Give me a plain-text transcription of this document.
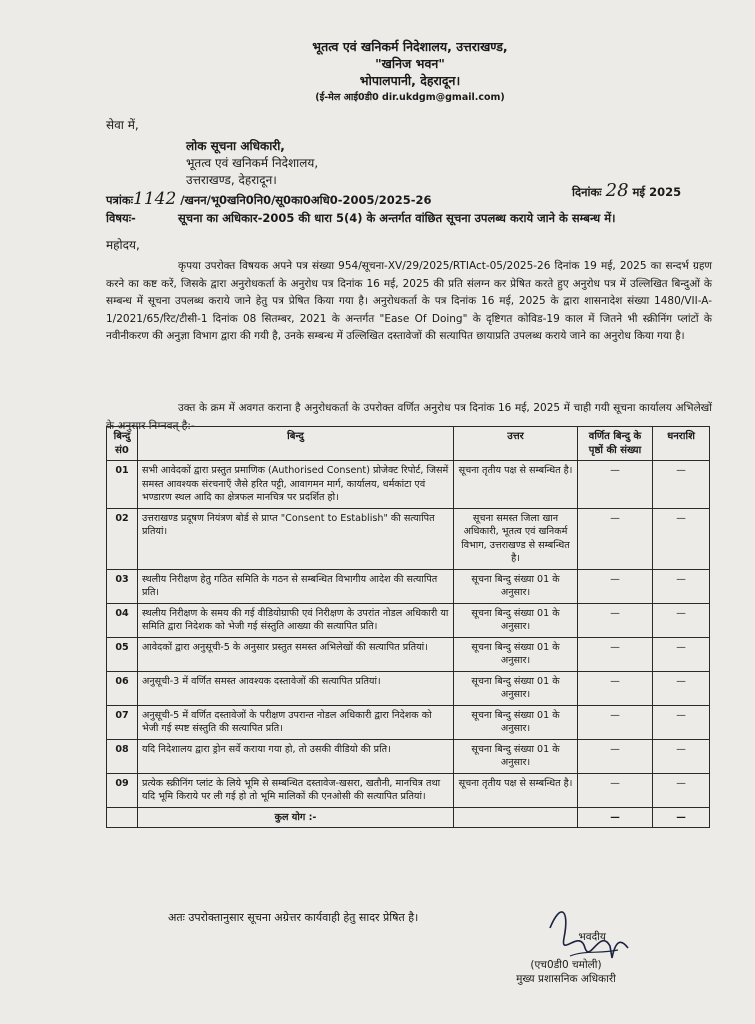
भूतत्व एवं खनिकर्म निदेशालय, उत्तराखण्ड,
"खनिज भवन"
भोपालपानी, देहरादून।
(ई-मेल आई0डी0 dir.ukdgm@gmail.com)
सेवा में,
लोक सूचना अधिकारी,
भूतत्व एवं खनिकर्म निदेशालय,
उत्तराखण्ड, देहरादून।
पत्रांकः1142 /खनन/भू0खनि0नि0/सू0का0अधि0-2005/2025-26
दिनांकः 28 मई 2025
विषयः-	सूचना का अधिकार-2005 की धारा 5(4) के अन्तर्गत वांछित सूचना उपलब्ध कराये जाने के सम्बन्ध में।
महोदय,
कृपया उपरोक्त विषयक अपने पत्र संख्या 954/सूचना-XV/29/2025/RTIAct-05/2025-26 दिनांक 19 मई, 2025 का सन्दर्भ ग्रहण करने का कष्ट करें, जिसके द्वारा अनुरोधकर्ता के अनुरोध पत्र दिनांक 16 मई, 2025 की प्रति संलग्न कर प्रेषित करते हुए अनुरोध पत्र में उल्लिखित बिन्दुओं के सम्बन्ध में सूचना उपलब्ध कराये जाने हेतु पत्र प्रेषित किया गया है। अनुरोधकर्ता के पत्र दिनांक 16 मई, 2025 के द्वारा शासनादेश संख्या 1480/VII-A-1/2021/65/रिट/टीसी-1 दिनांक 08 सितम्बर, 2021 के अन्तर्गत "Ease Of Doing" के दृष्टिगत कोविड-19 काल में जितने भी स्क्रीनिंग प्लांटों के नवीनीकरण की अनुज्ञा विभाग द्वारा की गयी है, उनके सम्बन्ध में उल्लिखित दस्तावेजों की सत्यापित छायाप्रति उपलब्ध कराये जाने का अनुरोध किया गया है।
उक्त के क्रम में अवगत कराना है अनुरोधकर्ता के उपरोक्त वर्णित अनुरोध पत्र दिनांक 16 मई, 2025 में चाही गयी सूचना कार्यालय अभिलेखों के अनुसार निम्नवत् है:-
बिन्दु सं0	बिन्दु	उत्तर	वर्णित बिन्दु के पृष्ठों की संख्या	धनराशि
01	सभी आवेदकों द्वारा प्रस्तुत प्रमाणिक (Authorised Consent) प्रोजेक्ट रिपोर्ट, जिसमें समस्त आवश्यक संरचनाएँ जैसे हरित पट्टी, आवागमन मार्ग, कार्यालय, धर्मकांटा एवं भण्डारण स्थल आदि का क्षेत्रफल मानचित्र पर प्रदर्शित हो।	सूचना तृतीय पक्ष से सम्बन्धित है।	—	—
02	उत्तराखण्ड प्रदूषण नियंत्रण बोर्ड से प्राप्त "Consent to Establish" की सत्यापित प्रतियां।	सूचना समस्त जिला खान अधिकारी, भूतत्व एवं खनिकर्म विभाग, उत्तराखण्ड से सम्बन्धित है।	—	—
03	स्थलीय निरीक्षण हेतु गठित समिति के गठन से सम्बन्धित विभागीय आदेश की सत्यापित प्रति।	सूचना बिन्दु संख्या 01 के अनुसार।	—	—
04	स्थलीय निरीक्षण के समय की गई वीडियोग्राफी एवं निरीक्षण के उपरांत नोडल अधिकारी या समिति द्वारा निदेशक को भेजी गई संस्तुति आख्या की सत्यापित प्रति।	सूचना बिन्दु संख्या 01 के अनुसार।	—	—
05	आवेदकों द्वारा अनुसूची-5 के अनुसार प्रस्तुत समस्त अभिलेखों की सत्यापित प्रतियां।	सूचना बिन्दु संख्या 01 के अनुसार।	—	—
06	अनुसूची-3 में वर्णित समस्त आवश्यक दस्तावेजों की सत्यापित प्रतियां।	सूचना बिन्दु संख्या 01 के अनुसार।	—	—
07	अनुसूची-5 में वर्णित दस्तावेजों के परीक्षण उपरान्त नोडल अधिकारी द्वारा निदेशक को भेजी गई स्पष्ट संस्तुति की सत्यापित प्रति।	सूचना बिन्दु संख्या 01 के अनुसार।	—	—
08	यदि निदेशालय द्वारा ड्रोन सर्वे कराया गया हो, तो उसकी वीडियो की प्रति।	सूचना बिन्दु संख्या 01 के अनुसार।	—	—
09	प्रत्येक स्क्रीनिंग प्लांट के लिये भूमि से सम्बन्धित दस्तावेज-खसरा, खतौनी, मानचित्र तथा यदि भूमि किराये पर ली गई हो तो भूमि मालिकों की एनओसी की सत्यापित प्रतियां।	सूचना तृतीय पक्ष से सम्बन्धित है।	—	—
	कुल योग :-		—	—
अतः उपरोक्तानुसार सूचना अग्रेत्तर कार्यवाही हेतु सादर प्रेषित है।
भवदीय
(एच0डी0 चमोली)
मुख्य प्रशासनिक अधिकारी
